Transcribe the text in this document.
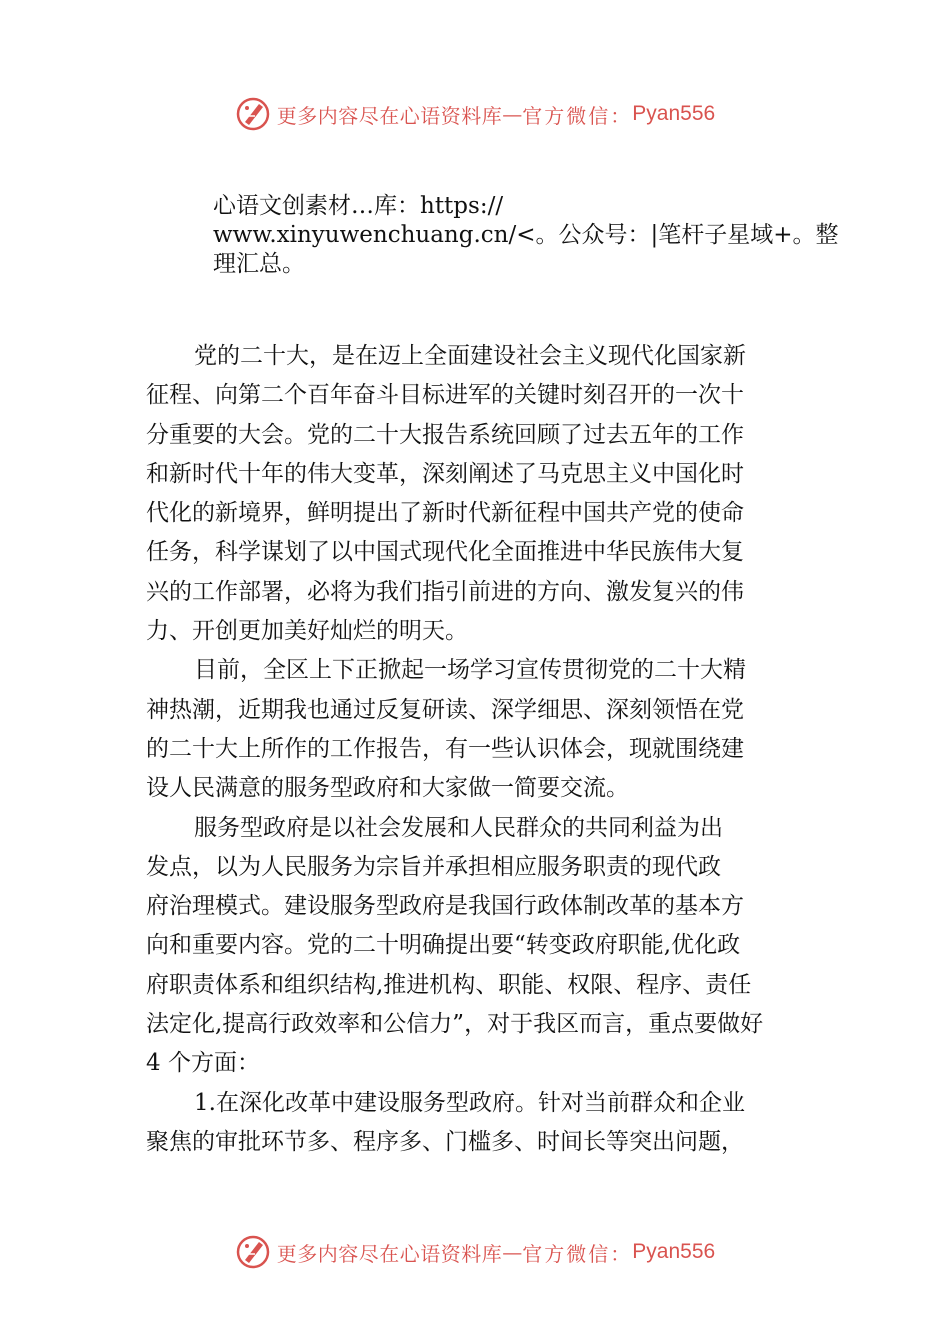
更多内容尽在心语资料库 — 官方微信： Pyan556
心语文创素材…库：https://
www.xinyuwenchuang.cn/<。公众号：|笔杆子星域+。整
理汇总。

党的二十大，是在迈上全面建设社会主义现代化国家新
征程、向第二个百年奋斗目标进军的关键时刻召开的一次十
分重要的大会。党的二十大报告系统回顾了过去五年的工作
和新时代十年的伟大变革，深刻阐述了马克思主义中国化时
代化的新境界，鲜明提出了新时代新征程中国共产党的使命
任务，科学谋划了以中国式现代化全面推进中华民族伟大复
兴的工作部署，必将为我们指引前进的方向、激发复兴的伟
力、开创更加美好灿烂的明天。

目前，全区上下正掀起一场学习宣传贯彻党的二十大精
神热潮，近期我也通过反复研读、深学细思、深刻领悟在党
的二十大上所作的工作报告，有一些认识体会，现就围绕建
设人民满意的服务型政府和大家做一简要交流。

服务型政府是以社会发展和人民群众的共同利益为出
发点，以为人民服务为宗旨并承担相应服务职责的现代政
府治理模式。建设服务型政府是我国行政体制改革的基本方
向和重要内容。党的二十明确提出要“转变政府职能,优化政
府职责体系和组织结构,推进机构、职能、权限、程序、责任
法定化,提高行政效率和公信力”，对于我区而言，重点要做好
4 个方面：

1.在深化改革中建设服务型政府。针对当前群众和企业
聚焦的审批环节多、程序多、门槛多、时间长等突出问题，

更多内容尽在心语资料库 — 官方微信： Pyan556
